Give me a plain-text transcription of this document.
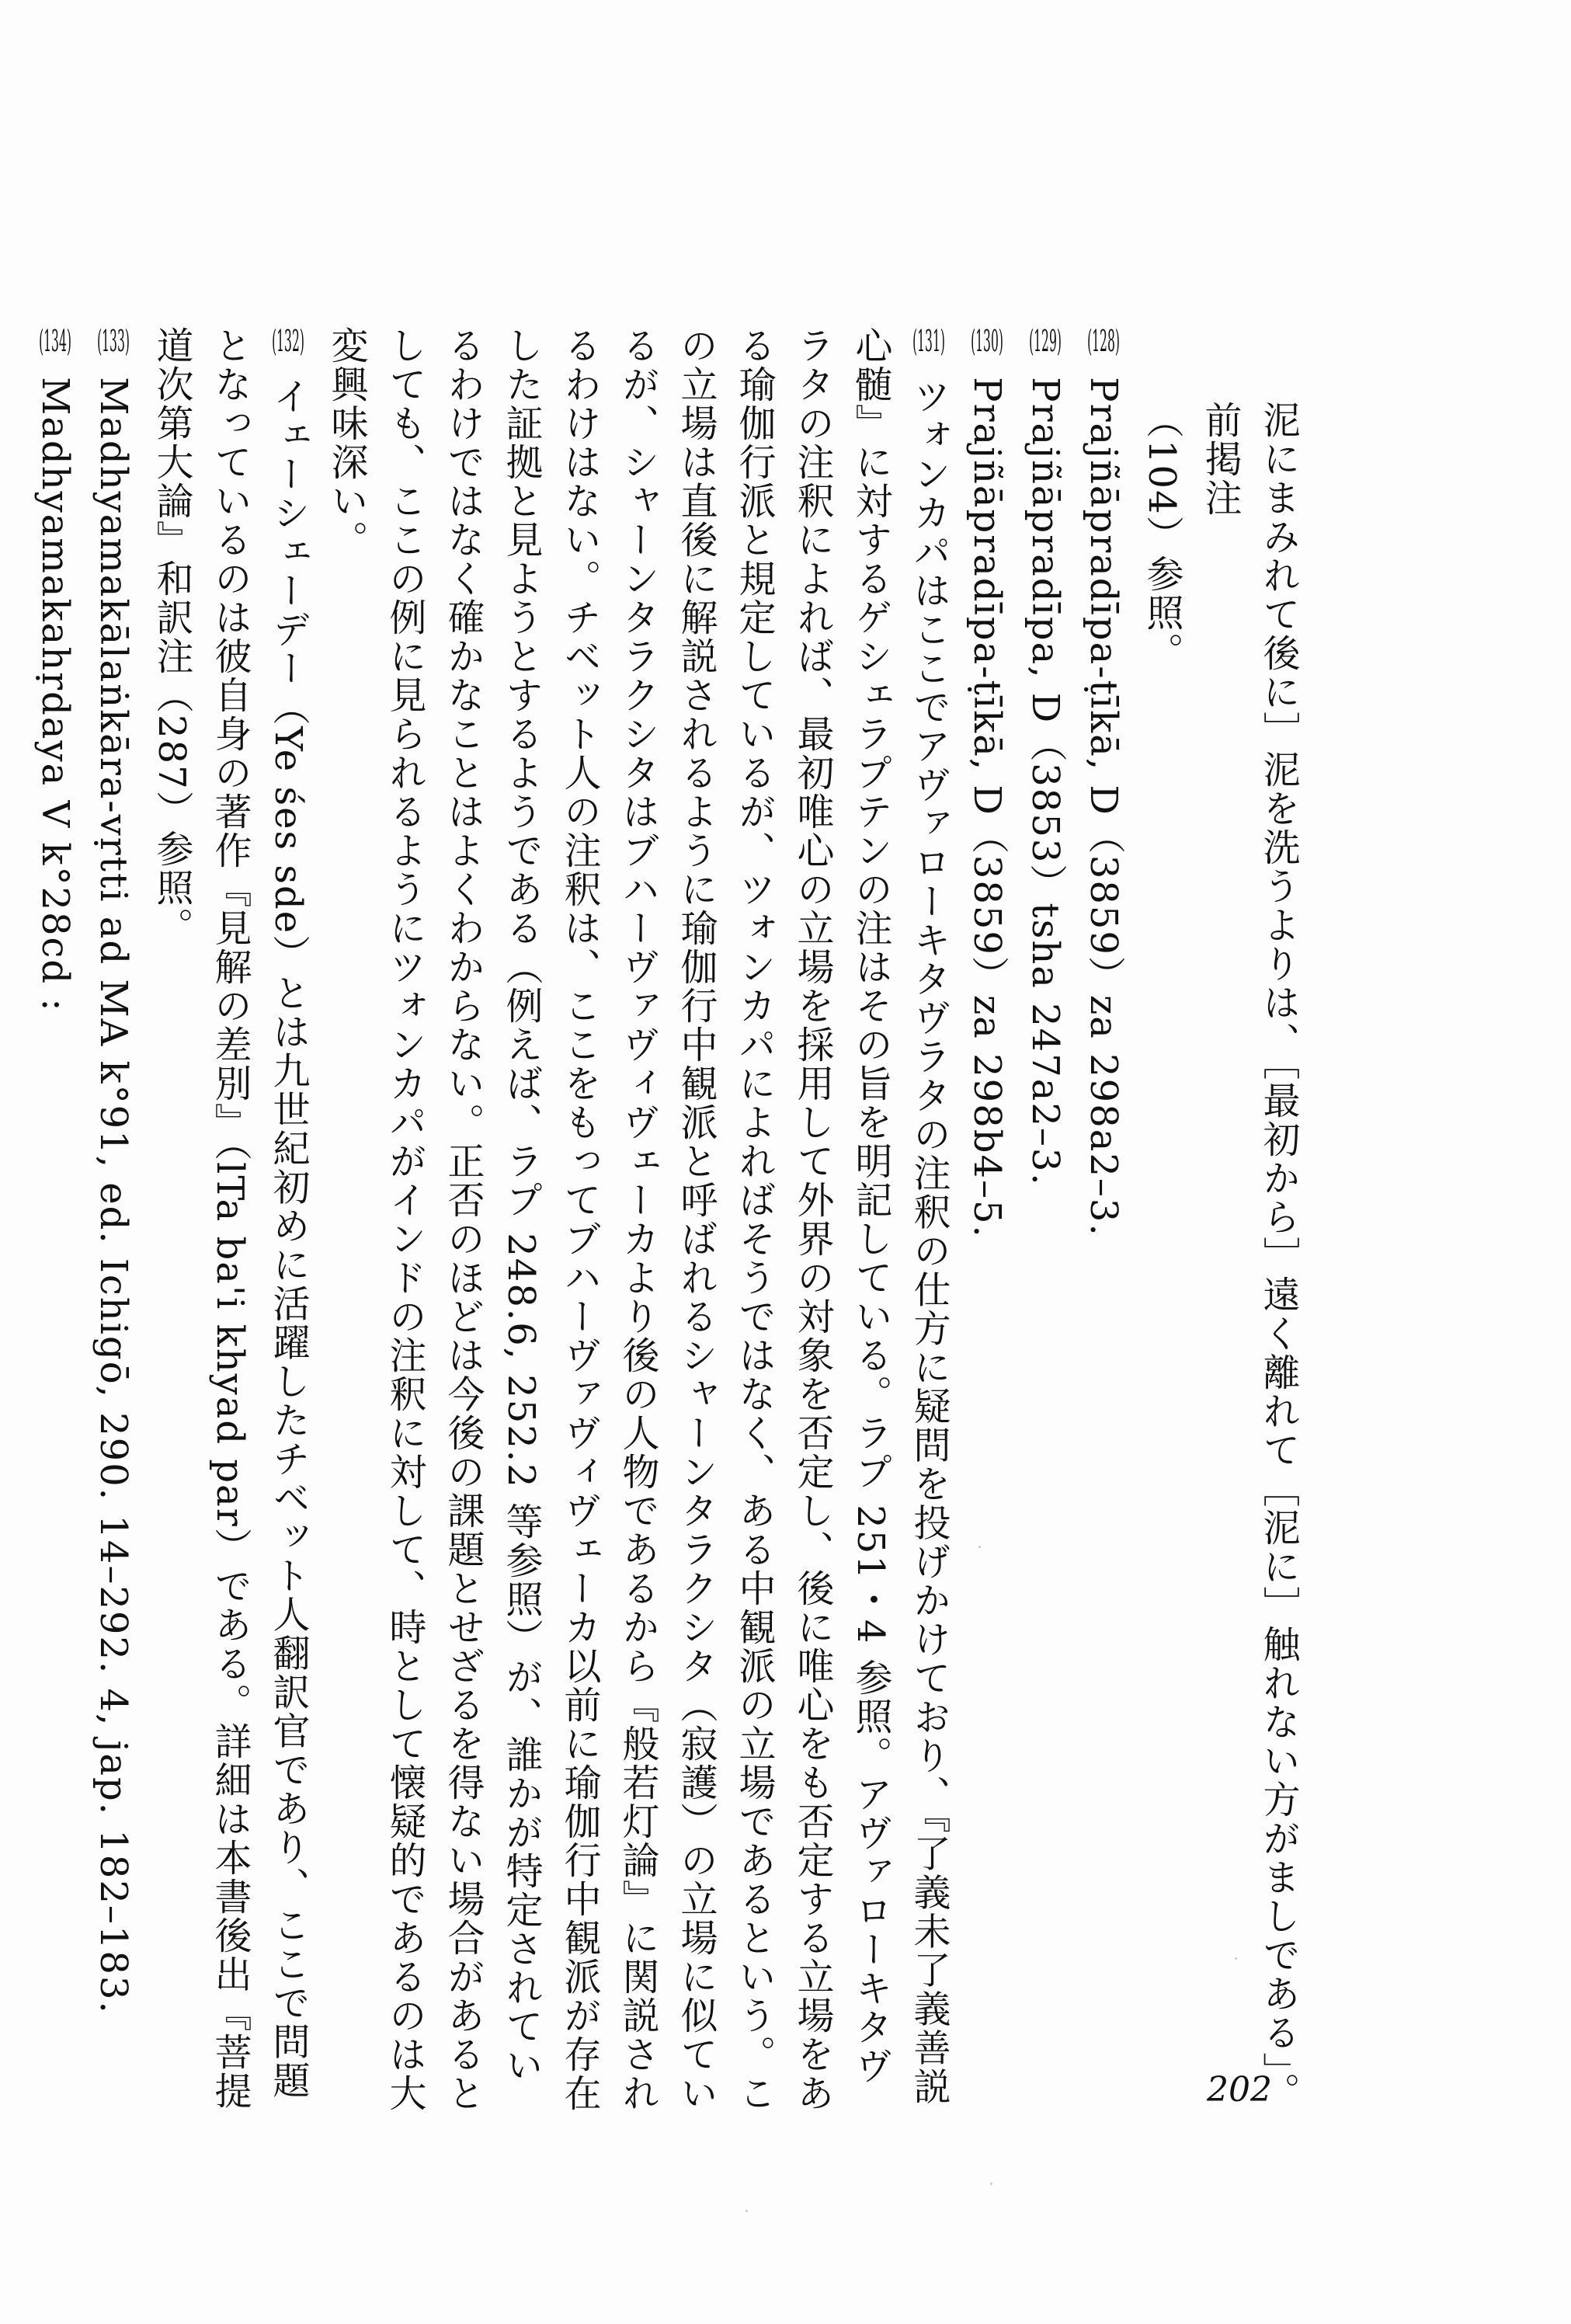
泥にまみれて後に］泥を洗うよりは、［最初から］遠く離れて［泥に］触れない方がましである」。前掲注

（104）参照。

(128) Prajñāpradīpa-ṭīkā, D（3859）za 298a2–3.

(129) Prajñāpradīpa, D（3853）tsha 247a2–3.

(130) Prajñāpradīpa-ṭīkā, D（3859）za 298b4–5.

(131) ツォンカパはここでアヴァローキタヴラタの注釈の仕方に疑問を投げかけており、『了義未了義善説心髄』に対するゲシェラプテンの注はその旨を明記している。ラプ 251・4 参照。アヴァローキタヴラタの注釈によれば、最初唯心の立場を採用して外界の対象を否定し、後に唯心をも否定する立場をある瑜伽行派と規定しているが、ツォンカパによればそうではなく、ある中観派の立場であるという。この立場は直後に解説されるように瑜伽行中観派と呼ばれるシャーンタラクシタ（寂護）の立場に似ているが、シャーンタラクシタはブハーヴァヴィヴェーカより後の人物であるから『般若灯論』に関説されるわけはない。チベット人の注釈は、ここをもってブハーヴァヴィヴェーカ以前に瑜伽行中観派が存在した証拠と見ようとするようである（例えば、ラプ 248.6, 252.2 等参照）が、誰かが特定されているわけではなく確かなことはよくわからない。正否のほどは今後の課題とせざるを得ない場合があるとしても、ここの例に見られるようにツォンカパがインドの注釈に対して、時として懐疑的であるのは大変興味深い。

(132) イェーシェーデー（Ye śes sde）とは九世紀初めに活躍したチベット人翻訳官であり、ここで問題となっているのは彼自身の著作『見解の差別』（lTa ba'i khyad par）である。詳細は本書後出『菩提道次第大論』和訳注（287）参照。

(133) Madhyamakālaṅkāra-vṛtti ad MA k°91, ed. Ichigō, 290. 14–292. 4, jap. 182–183.

(134) Madhyamakahṛdaya V k°28cd :

202
